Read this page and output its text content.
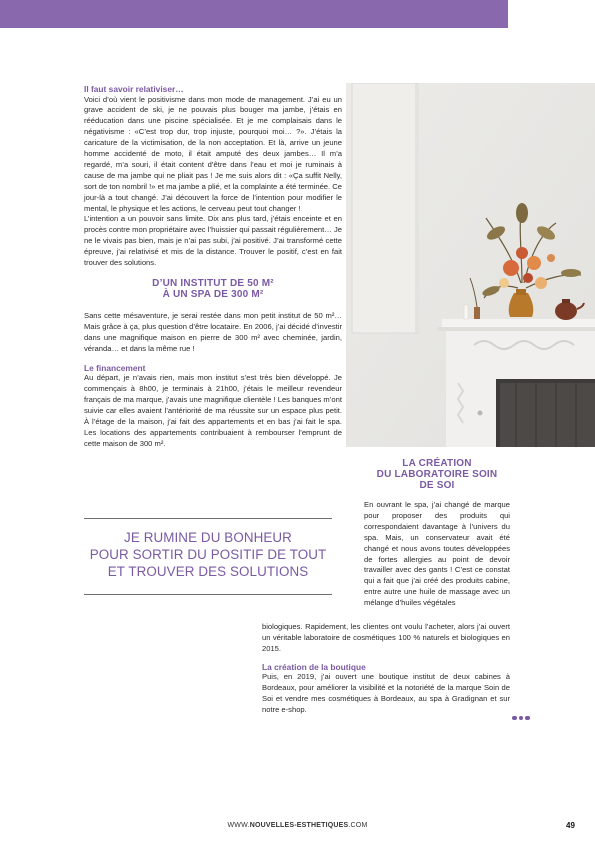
Il faut savoir relativiser…

Voici d’où vient le positivisme dans mon mode de management. J’ai eu un grave accident de ski, je ne pouvais plus bouger ma jambe, j’étais en rééducation dans une piscine spécialisée. Et je me complaisais dans le négativisme : «C’est trop dur, trop injuste, pourquoi moi… ?». J’étais la caricature de la victimisation, de la non acceptation. Et là, arrive un jeune homme accidenté de moto, il était amputé des deux jambes… Il m’a regardé, m’a souri, il était content d’être dans l’eau et moi je ruminais à cause de ma jambe qui ne pliait pas ! Je me suis alors dit : «Ça suffit Nelly, sort de ton nombril !» et ma jambe a plié, et la complainte a été terminée. Ce jour-là a tout changé. J’ai découvert la force de l’intention pour modifier le mental, le physique et les actions, le cerveau peut tout changer !

L’intention a un pouvoir sans limite. Dix ans plus tard, j’étais enceinte et en procès contre mon propriétaire avec l’huissier qui passait régulièrement… Je ne le vivais pas bien, mais je n’ai pas subi, j’ai positivé. J’ai transformé cette épreuve, j’ai relativisé et mis de la distance. Trouver le positif, c’est en fait trouver des solutions.

D’UN INSTITUT DE 50 M²

À UN SPA DE 300 M²

Sans cette mésaventure, je serai restée dans mon petit institut de 50 m²… Mais grâce à ça, plus question d’être locataire. En 2006, j’ai décidé d’investir dans une magnifique maison en pierre de 300 m² avec cheminée, jardin, véranda… et dans la même rue !

Le financement

Au départ, je n’avais rien, mais mon institut s’est très bien développé. Je commençais à 8h00, je terminais à 21h00, j’étais le meilleur revendeur français de ma marque, j’avais une magnifique clientèle ! Les banques m’ont suivie car elles avaient l’antériorité de ma réussite sur un espace plus petit. À l’étage de la maison, j’ai fait des appartements et en bas j’ai fait le spa. Les locations des appartements contribuaient à rembourser l’emprunt de cette maison de 300 m².

JE RUMINE DU BONHEUR

POUR SORTIR DU POSITIF DE TOUT

ET TROUVER DES SOLUTIONS

LA CRÉATION

DU LABORATOIRE SOIN

DE SOI

En ouvrant le spa, j’ai changé de marque pour proposer des produits qui correspondaient davantage à l’univers du spa. Mais, un conservateur avait été changé et nous avons toutes développées de fortes allergies au point de devoir travailler avec des gants ! C’est ce constat qui a fait que j’ai créé des produits cabine, entre autre une huile de massage avec un mélange d’huiles végétales

biologiques. Rapidement, les clientes ont voulu l’acheter, alors j’ai ouvert un véritable laboratoire de cosmétiques 100 % naturels et biologiques en 2015.

La création de la boutique

Puis, en 2019, j’ai ouvert une boutique institut de deux cabines à Bordeaux, pour améliorer la visibilité et la notoriété de la marque Soin de Soi et vendre mes cosmétiques à Bordeaux, au spa à Gradignan et sur notre e-shop.

WWW.NOUVELLES-ESTHETIQUES.COM	49
